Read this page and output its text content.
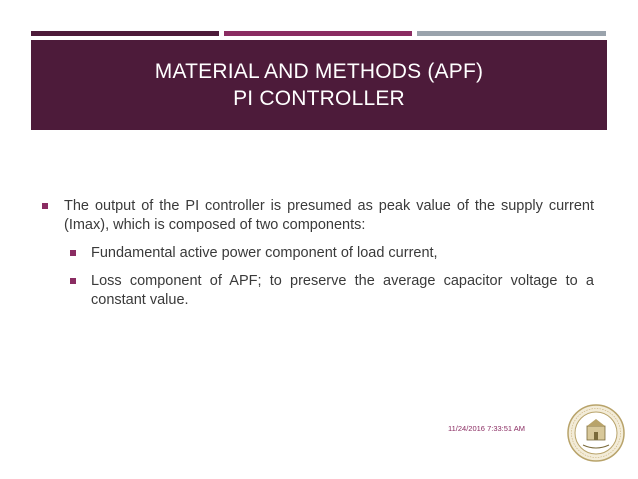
MATERIAL AND METHODS (APF)
PI CONTROLLER
The output of the PI controller is presumed as peak value of the supply current (Imax), which is composed of two components:
Fundamental active power component of load current,
Loss component of APF; to preserve the average capacitor voltage to a constant value.
11/24/2016 7:33:51 AM
